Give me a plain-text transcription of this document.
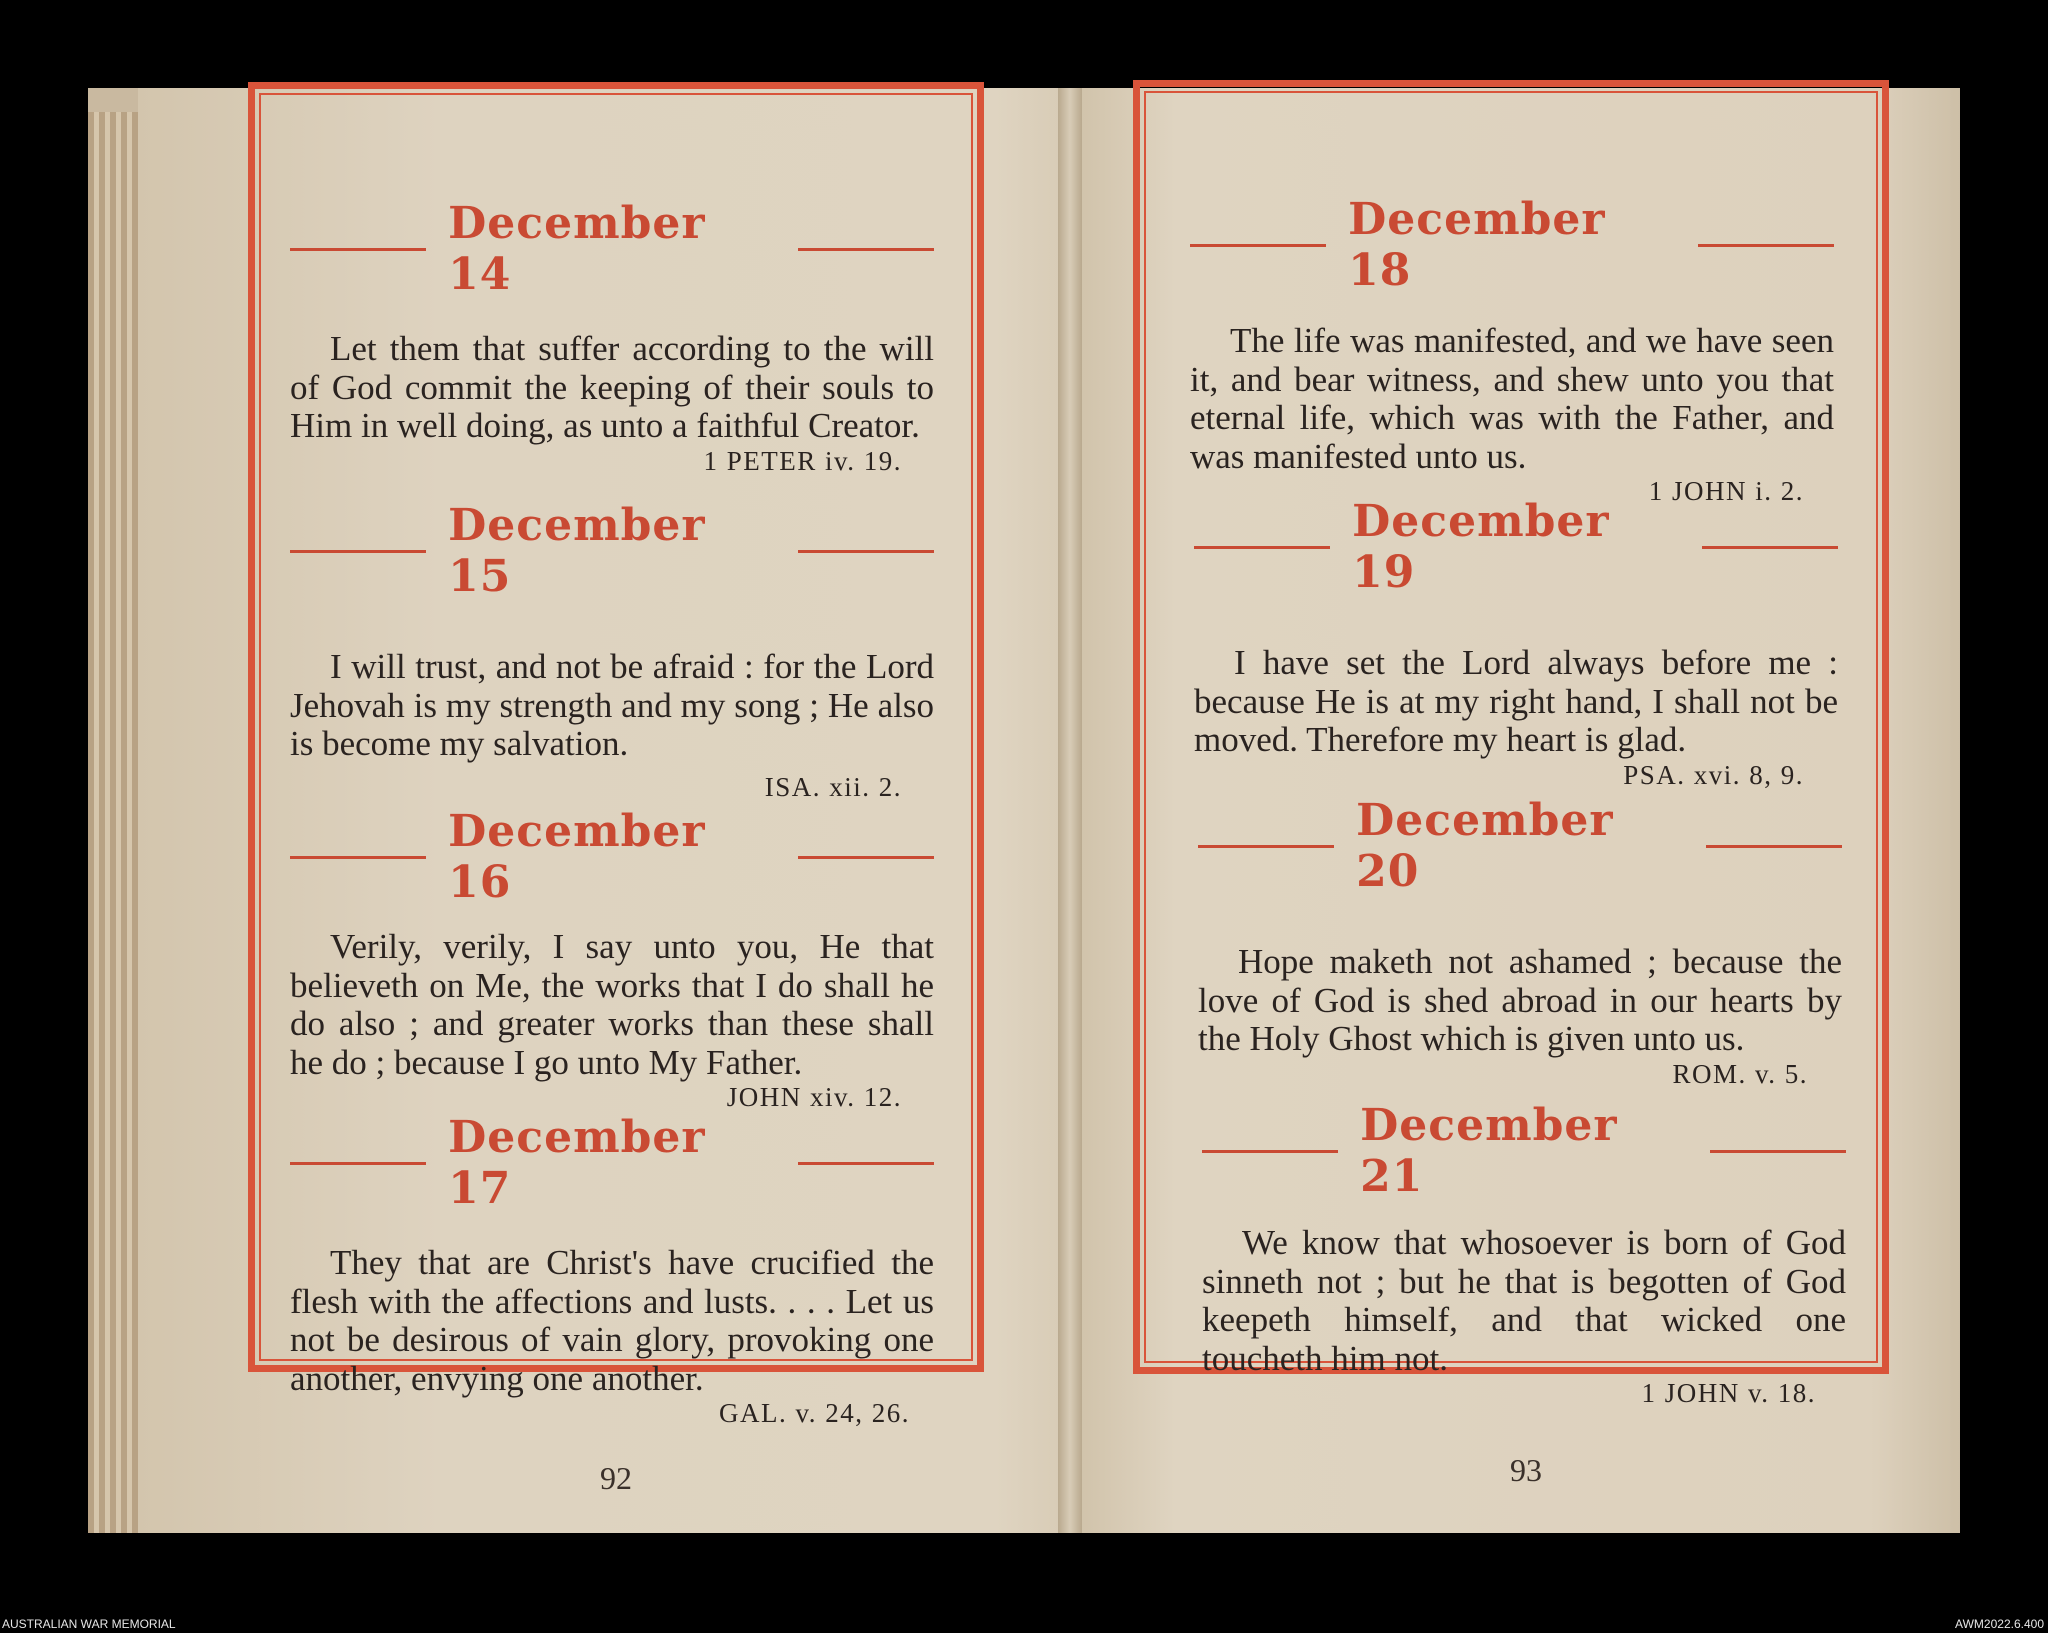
December 14

Let them that suffer according to the will of God commit the keeping of their souls to Him in well doing, as unto a faithful Creator.

1 PETER iv. 19.
December 15

I will trust, and not be afraid : for the Lord Jehovah is my strength and my song ; He also is become my salvation.

ISA. xii. 2.
December 16

Verily, verily, I say unto you, He that believeth on Me, the works that I do shall he do also ; and greater works than these shall he do ; because I go unto My Father.

JOHN xiv. 12.
December 17

They that are Christ's have crucified the flesh with the affections and lusts. . . . Let us not be desirous of vain glory, provoking one another, envying one another.

GAL. v. 24, 26.
92
December 18

The life was manifested, and we have seen it, and bear witness, and shew unto you that eternal life, which was with the Father, and was manifested unto us.

1 JOHN i. 2.
December 19

I have set the Lord always before me : because He is at my right hand, I shall not be moved. Therefore my heart is glad.

PSA. xvi. 8, 9.
December 20

Hope maketh not ashamed ; because the love of God is shed abroad in our hearts by the Holy Ghost which is given unto us.

ROM. v. 5.
December 21

We know that whosoever is born of God sinneth not ; but he that is begotten of God keepeth himself, and that wicked one toucheth him not.

1 JOHN v. 18.
93
AUSTRALIAN WAR MEMORIAL	AWM2022.6.400
